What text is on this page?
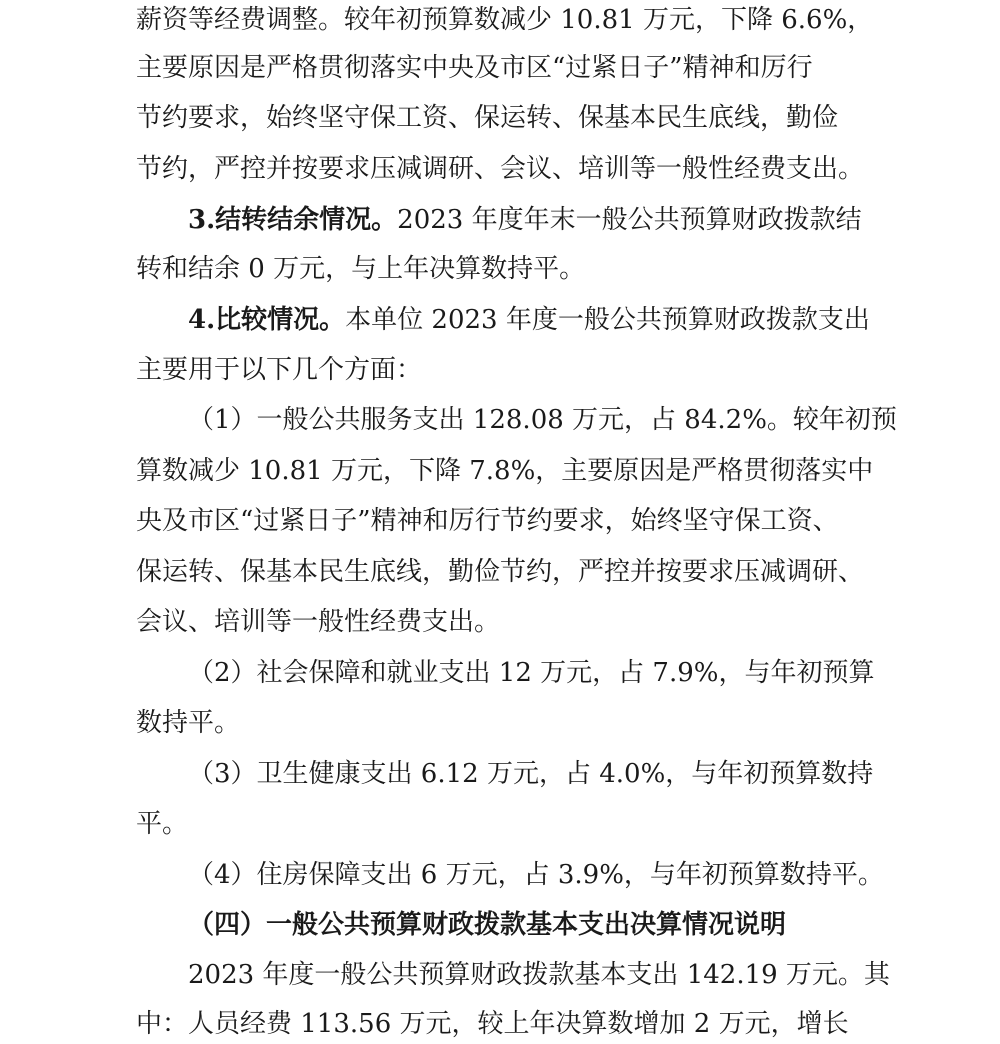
薪资等经费调整。较年初预算数减少 10.81 万元，下降 6.6%，
主要原因是严格贯彻落实中央及市区“过紧日子”精神和厉行
节约要求，始终坚守保工资、保运转、保基本民生底线，勤俭
节约，严控并按要求压减调研、会议、培训等一般性经费支出。
3.结转结余情况。2023 年度年末一般公共预算财政拨款结
转和结余 0 万元，与上年决算数持平。
4.比较情况。本单位 2023 年度一般公共预算财政拨款支出
主要用于以下几个方面：
（1）一般公共服务支出 128.08 万元，占 84.2%。较年初预
算数减少 10.81 万元，下降 7.8%，主要原因是严格贯彻落实中
央及市区“过紧日子”精神和厉行节约要求，始终坚守保工资、
保运转、保基本民生底线，勤俭节约，严控并按要求压减调研、
会议、培训等一般性经费支出。
（2）社会保障和就业支出 12 万元，占 7.9%，与年初预算
数持平。
（3）卫生健康支出 6.12 万元，占 4.0%，与年初预算数持
平。
（4）住房保障支出 6 万元，占 3.9%，与年初预算数持平。
（四）一般公共预算财政拨款基本支出决算情况说明
2023 年度一般公共预算财政拨款基本支出 142.19 万元。其
中：人员经费 113.56 万元，较上年决算数增加 2 万元，增长
